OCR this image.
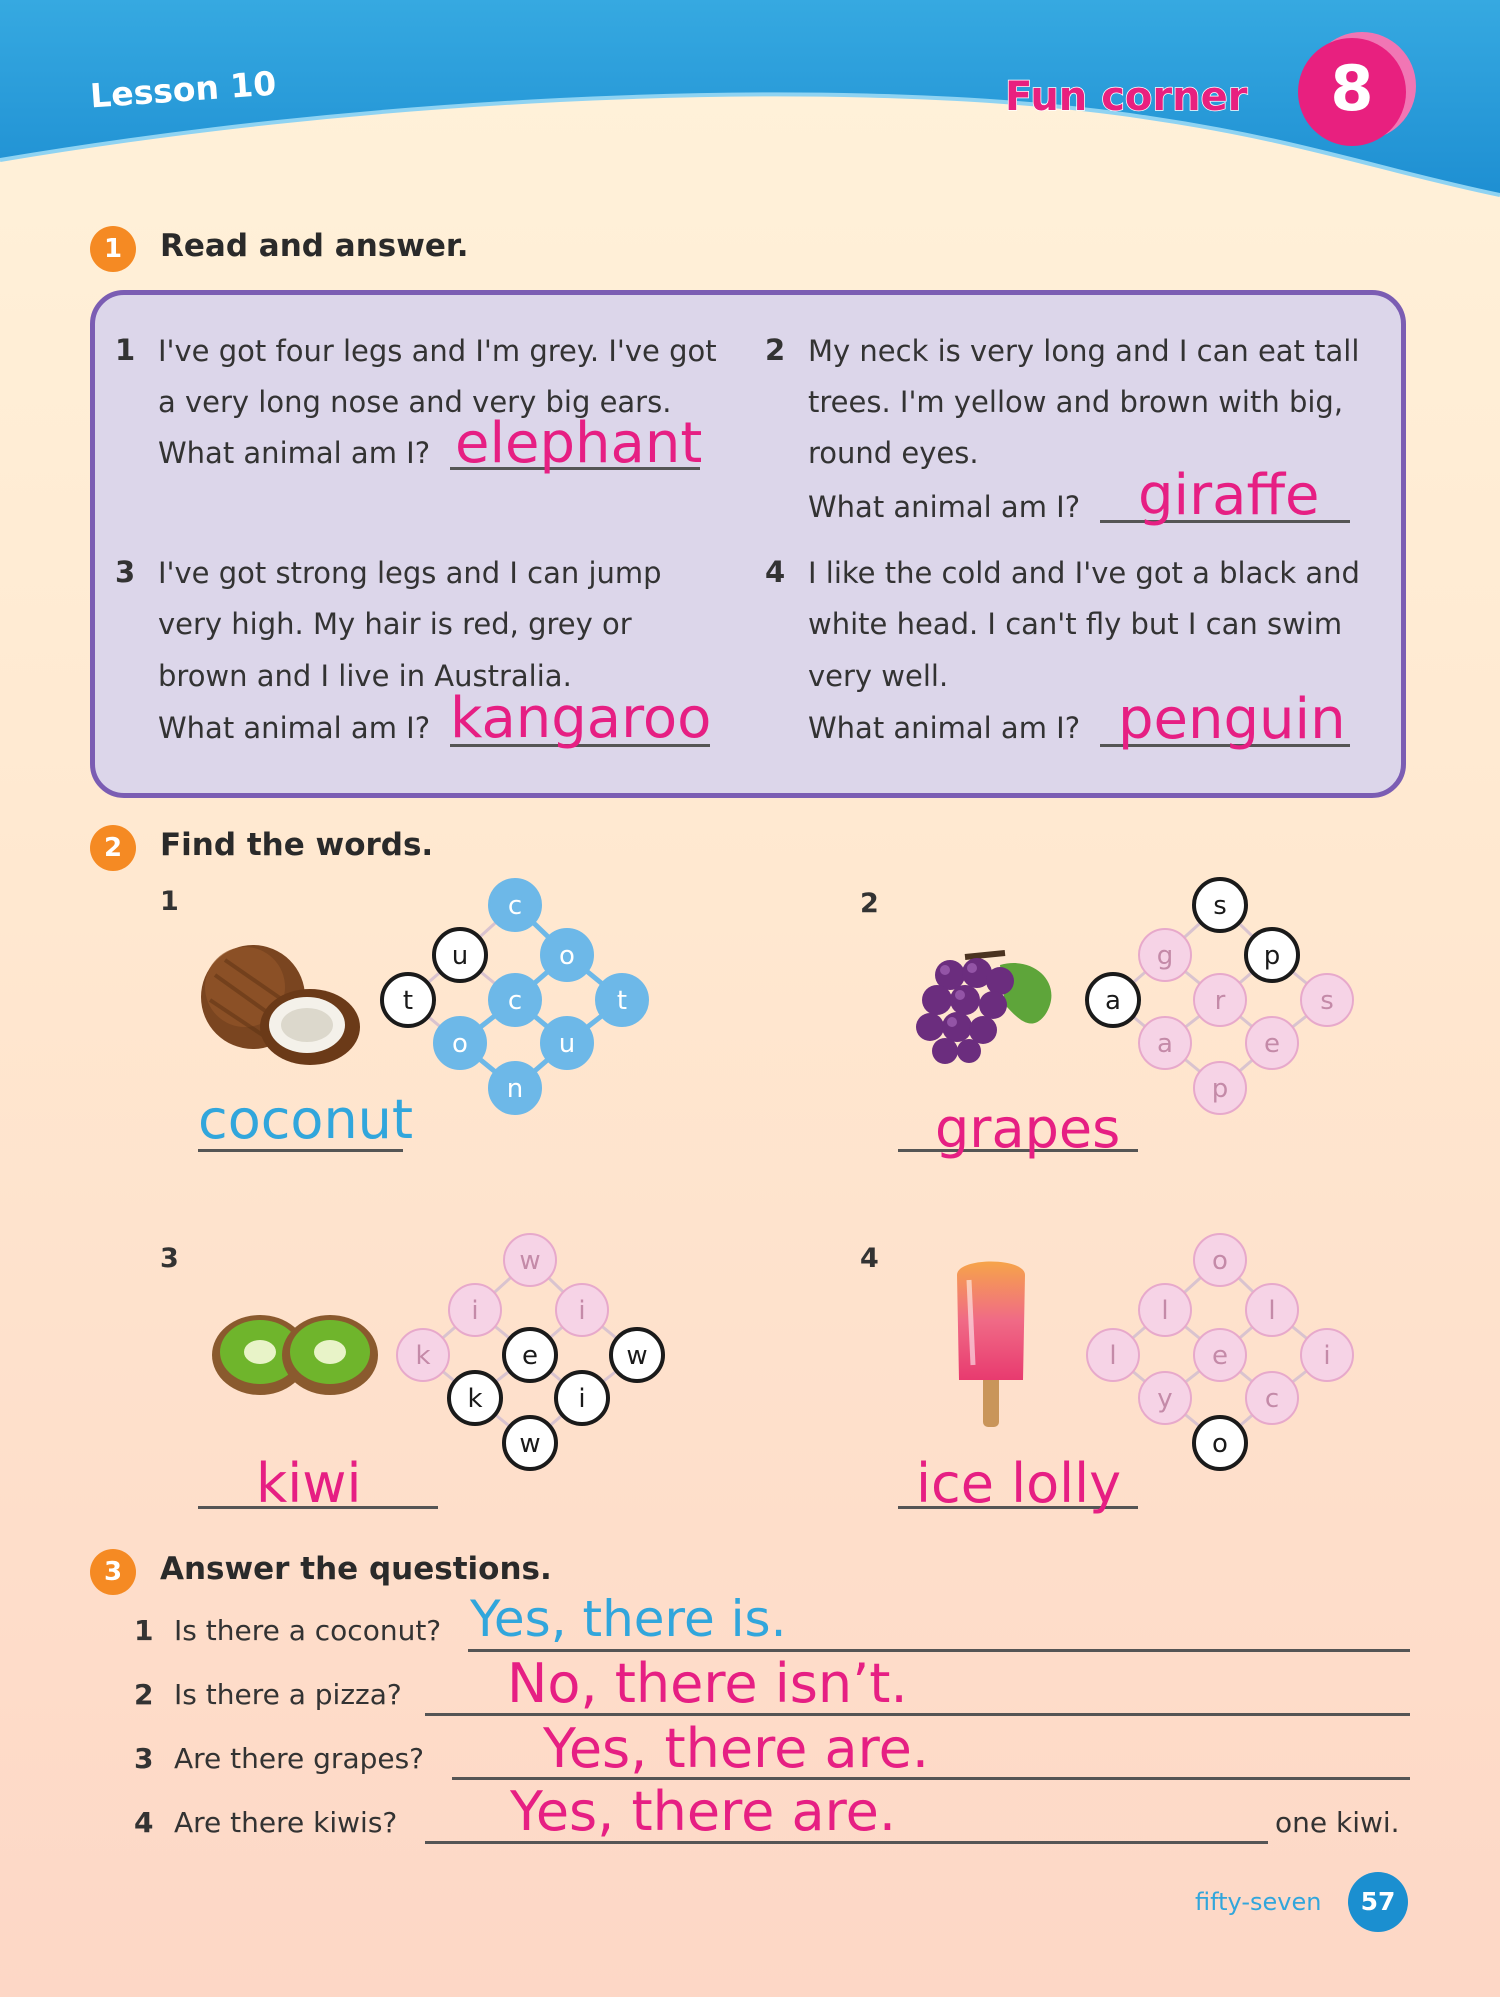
Lesson 10	Fun corner	8
1	Read and answer.
1 I've got four legs and I'm grey. I've got
a very long nose and very big ears.
What animal am I? elephant
2 My neck is very long and I can eat tall
trees. I'm yellow and brown with big,
round eyes.
What animal am I? giraffe
3 I've got strong legs and I can jump
very high. My hair is red, grey or
brown and I live in Australia.
What animal am I? kangaroo
4 I like the cold and I've got a black and
white head. I can't fly but I can swim
very well.
What animal am I? penguin
2	Find the words.
1	2
3	4
c
u	o
t	c	t
o	u
n
s
g	p
a	r	s
a	e
p
w
i	i
k	e	w
k	i
w
o
l	l
l	e	i
y	c
o
coconut	grapes
kiwi	ice lolly
3	Answer the questions.
1 Is there a coconut? Yes, there is.
2 Is there a pizza? No, there isn’t.
3 Are there grapes? Yes, there are.
4 Are there kiwis? Yes, there are.	one kiwi.
fifty-seven	57
